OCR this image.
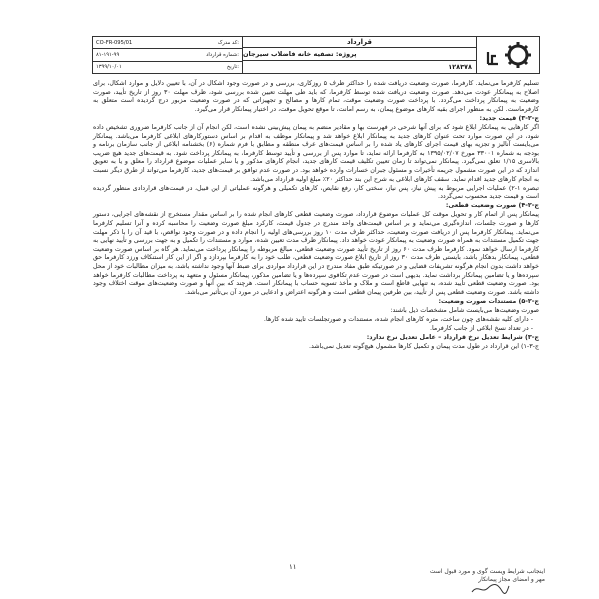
CO-FR-095/01	کد مدرک:
۸۱-۱۹۱-۹۹	شماره قرارداد:
۱۳۹۹/۱۰/۰۱	تاریخ:
قرارداد
پروژه:

تصفیه خانه فاضلاب سیرجان
۱۲۸۳۷۸

تسلیم کارفرما می‌نماید. کارفرما، صورت وضعیت دریافت شده را حداکثر ظرف ۵ روزکاری، بررسی و در صورت وجود اشکال در آن، با تعیین دلایل و موارد اشکال، برای اصلاح به پیمانکار عودت می‌دهد. صورت وضعیت دریافت شده توسط کارفرما، که باید طی مهلت تعیین شده بررسی شود، ظرف مهلت ۳۰ روز از تاریخ تأیید، صورت وضعیت به پیمانکار پرداخت می‌گردد. با پرداخت صورت وضعیت موقت، تمام کارها و مصالح و تجهیزاتی که در صورت وضعیت مزبور درج گردیده است متعلق به کارفرماست. لکن به منظور اجرای بقیه کارهای موضوع پیمان، به رسم امانت، تا موقع تحویل موقت، در اختیار پیمانکار قرار می‌گیرد.

ج-۲-۳) قیمت جدید:

اگر کارهایی به پیمانکار ابلاغ شود که برای آنها شرحی در فهرست بها و مقادیر منضم به پیمان پیش‌بینی نشده است، لکن انجام آن از جانب کارفرما ضروری تشخیص داده شود، در این صورت موارد تحت عنوان کارهای جدید به پیمانکار ابلاغ خواهد شد و پیمانکار موظف به اقدام بر اساس دستورکارهای ابلاغی کارفرما می‌باشد. پیمانکار می‌بایست آنالیز و تجزیه بهای قیمت اجرای کارهای یاد شده را بر اساس قیمت‌های عرف منطقه و مطابق با فرم شماره (۶) بخشنامه ابلاغی از جانب سازمان برنامه و بودجه به شماره ۳۳۰۰۱ مورخ ۱۳۹۵/۰۲/۰۷ به کارفرما ارائه نماید، تا موارد پس از بررسی و تأیید توسط کارفرما، به پیمانکار پرداخت شود. به قیمت‌های جدید هیچ ضریب بالاسری ۱/۱۵ تعلق نمی‌گیرد. پیمانکار نمی‌تواند تا زمان تعیین تکلیف قیمت کارهای جدید، انجام کارهای مذکور و یا سایر عملیات موضوع قرارداد را معلق و یا به تعویق اندازد که در این صورت مشمول جریمه تأخیرات و مسئول جبران خسارات وارده خواهد بود. در صورت عدم توافق بر قیمت‌های جدید، کارفرما می‌تواند از طرق دیگر نسبت به انجام کارهای جدید اقدام نماید. سقف کارهای ابلاغی به شرح این بند حداکثر ۲۰٪ مبلغ اولیه قرارداد می‌باشد.

تبصره ۱-۲) عملیات اجرایی مربوط به پیش نیاز، پس نیاز، سختی کار، رفع نقایص، کارهای تکمیلی و هرگونه عملیاتی از این قبیل، در قیمت‌های قراردادی منظور گردیده است و قیمت جدید محسوب نمی‌گردد.

ج-۲-۴) صورت وضعیت قطعی:

پیمانکار پس از اتمام کار و تحویل موقت کل عملیات موضوع قرارداد، صورت وضعیت قطعی کارهای انجام شده را بر اساس مقدار مستخرج از نقشه‌های اجرایی، دستور کارها و صورت جلسات، اندازه‌گیری می‌نماید و بر اساس قیمت‌های واحد مندرج در جدول قیمت، کارکرد مبلغ صورت وضعیت را محاسبه کرده و آنرا تسلیم کارفرما می‌نماید. پیمانکار کارفرما پس از دریافت صورت وضعیت، حداکثر ظرف مدت ۱۰ روز بررسی‌های اولیه را انجام داده و در صورت وجود نواقص، با قید آن را با ذکر مهلت جهت تکمیل مستندات به همراه صورت وضعیت به پیمانکار عودت خواهد داد. پیمانکار ظرف مدت تعیین شده، موارد و مستندات را تکمیل و به جهت بررسی و تأیید نهایی به کارفرما ارسال خواهد نمود. کارفرما ظرف مدت ۶۰ روز از تاریخ تأیید صورت وضعیت قطعی، مبالغ مربوطه را پیمانکار پرداخت می‌نماید. هر گاه بر اساس صورت وضعیت قطعی، پیمانکار بدهکار باشد، بایستی ظرف مدت ۳۰ روز از تاریخ ابلاغ صورت وضعیت قطعی، طلب خود را به کارفرما بپردازد و اگر از این کار استنکاف ورزد کارفرما حق خواهد داشت بدون انجام هرگونه تشریفات قضایی و در صورتیکه طبق مفاد مندرج در این قرارداد مواردی برای ضبط آنها وجود نداشته باشد، به میزان مطالبات خود از محل سپرده‌ها و یا تضامین پیمانکار برداشت نماید. بدیهی است در صورت عدم تکافوی سپرده‌ها و یا تضامین مذکور، پیمانکار مسئول و متعهد به پرداخت مطالبات کارفرما خواهد بود. صورت وضعیت قطعی تأیید شده، به تنهایی قاطع است و ملاک و مأخذ تسویه حساب با پیمانکار است. هرچند که بین آنها و صورت وضعیت‌های موقت اختلاف وجود داشته باشد. صورت وضعیت قطعی پس از تأیید، بین طرفین پیمان قطعی است و هرگونه اعتراض و ادعایی در مورد آن بی‌تأثیر می‌باشد.

ج-۲-۵) مستندات صورت وضعیت:

صورت وضعیت‌ها می‌بایست شامل مشخصات ذیل باشند:

- دارای کلیه نقشه‌های چون ساخت، متره کارهای انجام شده، مستندات و صورتجلسات تایید شده کارها.

- در تعداد نسخ ابلاغی از جانب کارفرما.

ج-۳) شرایط تعدیل نرخ قرارداد – عامل تعدیل نرخ ندارد:

ج-۳-۱) این قرارداد در طول مدت پیمان و تکمیل کارها مشمول هیچ‌گونه تعدیل نمی‌باشد.

۱۱
اینجانب شرایط ویست گوی و مورد قبول است
مهر و امضای مجاز پیمانکار
